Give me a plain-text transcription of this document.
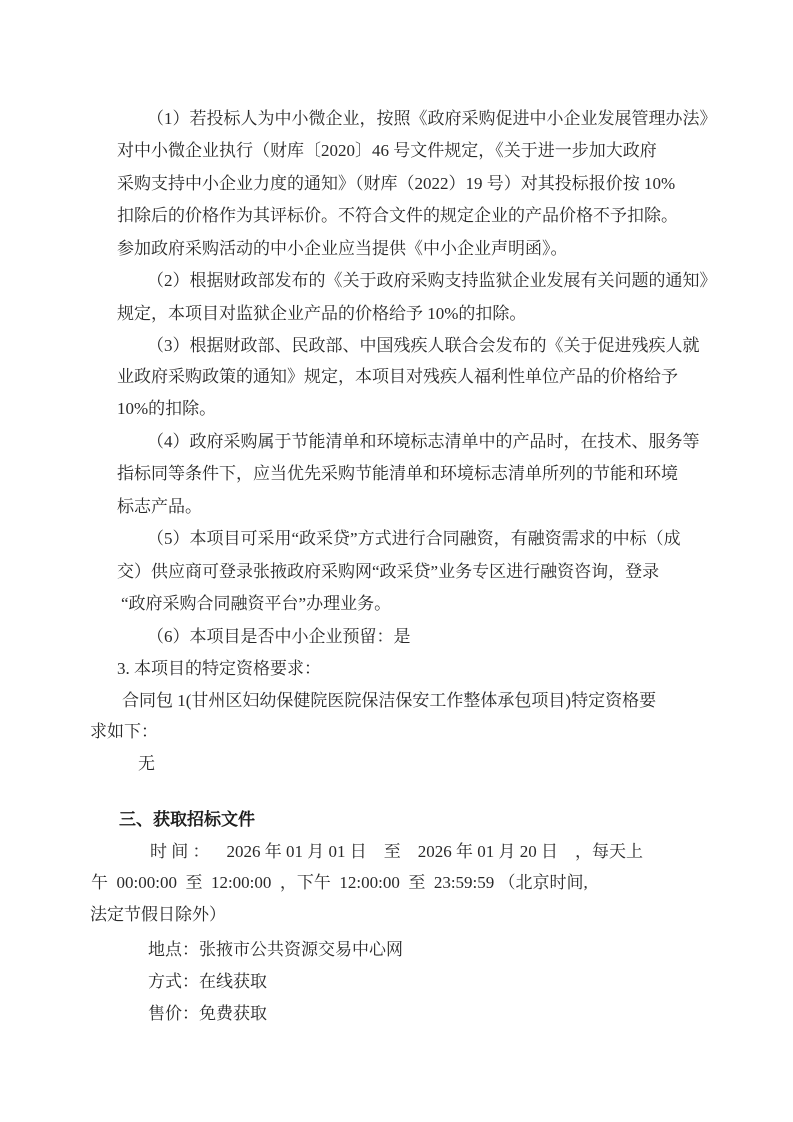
（1）若投标人为中小微企业，按照《政府采购促进中小企业发展管理办法》
对中小微企业执行（财库〔2020〕46 号文件规定，《关于进一步加大政府
采购支持中小企业力度的通知》（财库（2022）19 号）对其投标报价按 10%
扣除后的价格作为其评标价。不符合文件的规定企业的产品价格不予扣除。
参加政府采购活动的中小企业应当提供《中小企业声明函》。
（2）根据财政部发布的《关于政府采购支持监狱企业发展有关问题的通知》
规定，本项目对监狱企业产品的价格给予 10%的扣除。
（3）根据财政部、民政部、中国残疾人联合会发布的《关于促进残疾人就
业政府采购政策的通知》规定，本项目对残疾人福利性单位产品的价格给予
10%的扣除。
（4）政府采购属于节能清单和环境标志清单中的产品时，在技术、服务等
指标同等条件下，应当优先采购节能清单和环境标志清单所列的节能和环境
标志产品。
（5）本项目可采用“政采贷”方式进行合同融资，有融资需求的中标（成
交）供应商可登录张掖政府采购网“政采贷”业务专区进行融资咨询，登录
“政府采购合同融资平台”办理业务。
（6）本项目是否中小企业预留：是
3. 本项目的特定资格要求：
合同包 1(甘州区妇幼保健院医院保洁保安工作整体承包项目)特定资格要
求如下：
无
三、获取招标文件
时 间 ：    2026 年 01 月 01 日    至    2026 年 01 月 20 日    ，每天上
午  00:00:00  至  12:00:00  ，下午  12:00:00  至  23:59:59 （北京时间,
法定节假日除外）
地点：张掖市公共资源交易中心网
方式：在线获取
售价：免费获取
